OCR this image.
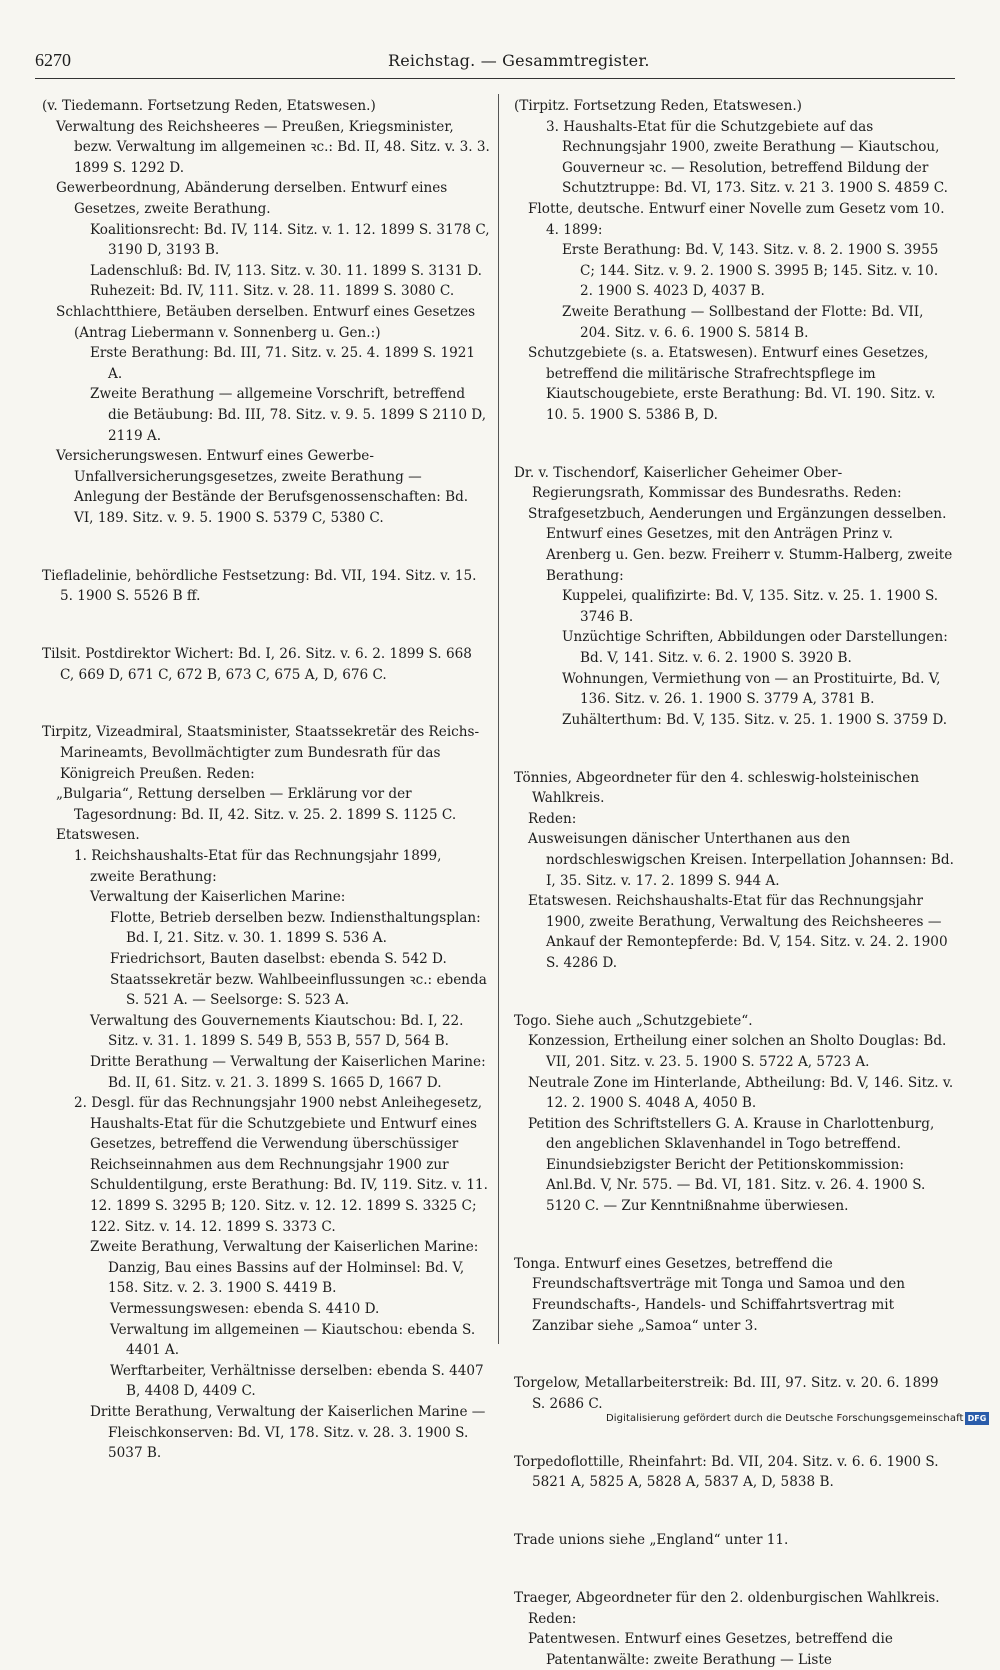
6270	Reichstag. — Gesammtregister.

(v. Tiedemann. Fortsetzung Reden, Etatswesen.)

Verwaltung des Reichsheeres — Preußen, Kriegsminister, bezw. Verwaltung im allgemeinen ꝛc.: Bd. II, 48. Sitz. v. 3. 3. 1899 S. 1292 D.

Gewerbeordnung, Abänderung derselben. Entwurf eines Gesetzes, zweite Berathung.

Koalitionsrecht: Bd. IV, 114. Sitz. v. 1. 12. 1899 S. 3178 C, 3190 D, 3193 B.

Ladenschluß: Bd. IV, 113. Sitz. v. 30. 11. 1899 S. 3131 D.

Ruhezeit: Bd. IV, 111. Sitz. v. 28. 11. 1899 S. 3080 C.

Schlachtthiere, Betäuben derselben. Entwurf eines Gesetzes (Antrag Liebermann v. Sonnenberg u. Gen.:)

Erste Berathung: Bd. III, 71. Sitz. v. 25. 4. 1899 S. 1921 A.

Zweite Berathung — allgemeine Vorschrift, betreffend die Betäubung: Bd. III, 78. Sitz. v. 9. 5. 1899 S 2110 D, 2119 A.

Versicherungswesen. Entwurf eines Gewerbe-Unfallversicherungsgesetzes, zweite Berathung — Anlegung der Bestände der Berufsgenossenschaften: Bd. VI, 189. Sitz. v. 9. 5. 1900 S. 5379 C, 5380 C.

Tiefladelinie, behördliche Festsetzung: Bd. VII, 194. Sitz. v. 15. 5. 1900 S. 5526 B ff.

Tilsit. Postdirektor Wichert: Bd. I, 26. Sitz. v. 6. 2. 1899 S. 668 C, 669 D, 671 C, 672 B, 673 C, 675 A, D, 676 C.

Tirpitz, Vizeadmiral, Staatsminister, Staatssekretär des Reichs-Marineamts, Bevollmächtigter zum Bundesrath für das Königreich Preußen. Reden:

„Bulgaria“, Rettung derselben — Erklärung vor der Tagesordnung: Bd. II, 42. Sitz. v. 25. 2. 1899 S. 1125 C.

Etatswesen.

1. Reichshaushalts-Etat für das Rechnungsjahr 1899, zweite Berathung:

Verwaltung der Kaiserlichen Marine:

Flotte, Betrieb derselben bezw. Indiensthaltungsplan: Bd. I, 21. Sitz. v. 30. 1. 1899 S. 536 A.

Friedrichsort, Bauten daselbst: ebenda S. 542 D.

Staatssekretär bezw. Wahlbeeinflussungen ꝛc.: ebenda S. 521 A. — Seelsorge: S. 523 A.

Verwaltung des Gouvernements Kiautschou: Bd. I, 22. Sitz. v. 31. 1. 1899 S. 549 B, 553 B, 557 D, 564 B.

Dritte Berathung — Verwaltung der Kaiserlichen Marine: Bd. II, 61. Sitz. v. 21. 3. 1899 S. 1665 D, 1667 D.

2. Desgl. für das Rechnungsjahr 1900 nebst Anleihegesetz, Haushalts-Etat für die Schutzgebiete und Entwurf eines Gesetzes, betreffend die Verwendung überschüssiger Reichseinnahmen aus dem Rechnungsjahr 1900 zur Schuldentilgung, erste Berathung: Bd. IV, 119. Sitz. v. 11. 12. 1899 S. 3295 B; 120. Sitz. v. 12. 12. 1899 S. 3325 C; 122. Sitz. v. 14. 12. 1899 S. 3373 C.

Zweite Berathung, Verwaltung der Kaiserlichen Marine: Danzig, Bau eines Bassins auf der Holminsel: Bd. V, 158. Sitz. v. 2. 3. 1900 S. 4419 B.

Vermessungswesen: ebenda S. 4410 D.

Verwaltung im allgemeinen — Kiautschou: ebenda S. 4401 A.

Werftarbeiter, Verhältnisse derselben: ebenda S. 4407 B, 4408 D, 4409 C.

Dritte Berathung, Verwaltung der Kaiserlichen Marine — Fleischkonserven: Bd. VI, 178. Sitz. v. 28. 3. 1900 S. 5037 B.

(Tirpitz. Fortsetzung Reden, Etatswesen.)

3. Haushalts-Etat für die Schutzgebiete auf das Rechnungsjahr 1900, zweite Berathung — Kiautschou, Gouverneur ꝛc. — Resolution, betreffend Bildung der Schutztruppe: Bd. VI, 173. Sitz. v. 21 3. 1900 S. 4859 C.

Flotte, deutsche. Entwurf einer Novelle zum Gesetz vom 10. 4. 1899:

Erste Berathung: Bd. V, 143. Sitz. v. 8. 2. 1900 S. 3955 C; 144. Sitz. v. 9. 2. 1900 S. 3995 B; 145. Sitz. v. 10. 2. 1900 S. 4023 D, 4037 B.

Zweite Berathung — Sollbestand der Flotte: Bd. VII, 204. Sitz. v. 6. 6. 1900 S. 5814 B.

Schutzgebiete (s. a. Etatswesen). Entwurf eines Gesetzes, betreffend die militärische Strafrechtspflege im Kiautschougebiete, erste Berathung: Bd. VI. 190. Sitz. v. 10. 5. 1900 S. 5386 B, D.

Dr. v. Tischendorf, Kaiserlicher Geheimer Ober-Regierungsrath, Kommissar des Bundesraths. Reden:

Strafgesetzbuch, Aenderungen und Ergänzungen desselben. Entwurf eines Gesetzes, mit den Anträgen Prinz v. Arenberg u. Gen. bezw. Freiherr v. Stumm-Halberg, zweite Berathung:

Kuppelei, qualifizirte: Bd. V, 135. Sitz. v. 25. 1. 1900 S. 3746 B.

Unzüchtige Schriften, Abbildungen oder Darstellungen: Bd. V, 141. Sitz. v. 6. 2. 1900 S. 3920 B.

Wohnungen, Vermiethung von — an Prostituirte, Bd. V, 136. Sitz. v. 26. 1. 1900 S. 3779 A, 3781 B.

Zuhälterthum: Bd. V, 135. Sitz. v. 25. 1. 1900 S. 3759 D.

Tönnies, Abgeordneter für den 4. schleswig-holsteinischen Wahlkreis.

Reden:

Ausweisungen dänischer Unterthanen aus den nordschleswigschen Kreisen. Interpellation Johannsen: Bd. I, 35. Sitz. v. 17. 2. 1899 S. 944 A.

Etatswesen. Reichshaushalts-Etat für das Rechnungsjahr 1900, zweite Berathung, Verwaltung des Reichsheeres — Ankauf der Remontepferde: Bd. V, 154. Sitz. v. 24. 2. 1900 S. 4286 D.

Togo. Siehe auch „Schutzgebiete“.

Konzession, Ertheilung einer solchen an Sholto Douglas: Bd. VII, 201. Sitz. v. 23. 5. 1900 S. 5722 A, 5723 A.

Neutrale Zone im Hinterlande, Abtheilung: Bd. V, 146. Sitz. v. 12. 2. 1900 S. 4048 A, 4050 B.

Petition des Schriftstellers G. A. Krause in Charlottenburg, den angeblichen Sklavenhandel in Togo betreffend. Einundsiebzigster Bericht der Petitionskommission: Anl.Bd. V, Nr. 575. — Bd. VI, 181. Sitz. v. 26. 4. 1900 S. 5120 C. — Zur Kenntnißnahme überwiesen.

Tonga. Entwurf eines Gesetzes, betreffend die Freundschaftsverträge mit Tonga und Samoa und den Freundschafts-, Handels- und Schiffahrtsvertrag mit Zanzibar siehe „Samoa“ unter 3.

Torgelow, Metallarbeiterstreik: Bd. III, 97. Sitz. v. 20. 6. 1899 S. 2686 C.

Torpedoflottille, Rheinfahrt: Bd. VII, 204. Sitz. v. 6. 6. 1900 S. 5821 A, 5825 A, 5828 A, 5837 A, D, 5838 B.

Trade unions siehe „England“ unter 11.

Traeger, Abgeordneter für den 2. oldenburgischen Wahlkreis.

Reden:

Patentwesen. Entwurf eines Gesetzes, betreffend die Patentanwälte: zweite Berathung — Liste

Digitalisierung gefördert durch die Deutsche Forschungsgemeinschaft DFG
